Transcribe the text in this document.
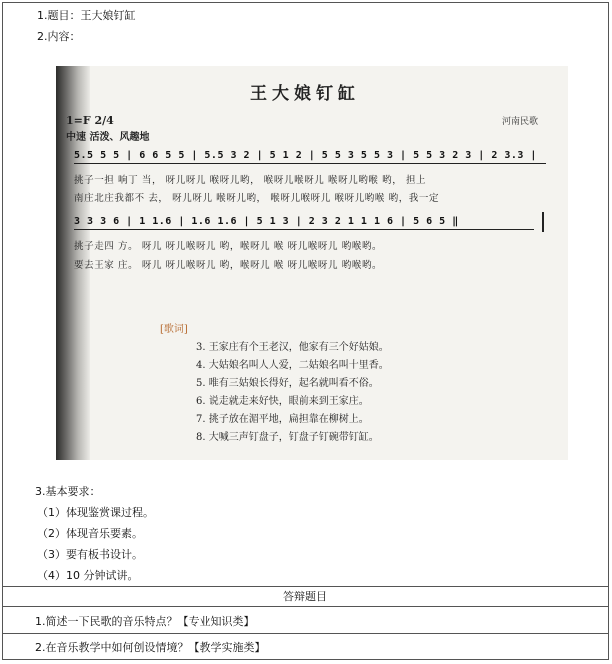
1.题目：王大娘钉缸
2.内容：
王大娘钉缸
1=F 2/4
中速 活泼、风趣地
河南民歌
5.5 5 5 | 6 6 5 5 | 5.5 3 2 | 5 1 2 | 5 5 3 5 5 3 | 5 5 3 2 3 | 2 3.3 |
挑子一担 响丁 当， 呀儿呀儿 喉呀儿哟， 喉呀儿喉呀儿 喉呀儿哟喉 哟， 担上
南庄北庄我都不 去， 呀儿呀儿 喉呀儿哟， 喉呀儿喉呀儿 喉呀儿哟喉 哟，我一定
3 3 3 6 | 1 1.6 | 1.6 1.6 | 5 1 3 | 2 3 2 1 1 1 6 | 5 6 5 ‖
挑子走四 方。 呀儿 呀儿喉呀儿 哟，喉呀儿 喉 呀儿喉呀儿 哟喉哟。
要去王家 庄。 呀儿 呀儿喉呀儿 哟，喉呀儿 喉 呀儿喉呀儿 哟喉哟。
[歌词]
3. 王家庄有个王老汉，他家有三个好姑娘。
4. 大姑娘名叫人人爱，二姑娘名叫十里香。
5. 唯有三姑娘长得好，起名就叫看不俗。
6. 说走就走来好快，眼前来到王家庄。
7. 挑子放在湄平地，扁担靠在柳树上。
8. 大喊三声钉盘子，钉盘子钉碗带钉缸。
3.基本要求：
（1）体现鉴赏课过程。
（2）体现音乐要素。
（3）要有板书设计。
（4）10 分钟试讲。
答辩题目
1.简述一下民歌的音乐特点？【专业知识类】
2.在音乐教学中如何创设情境？【教学实施类】
